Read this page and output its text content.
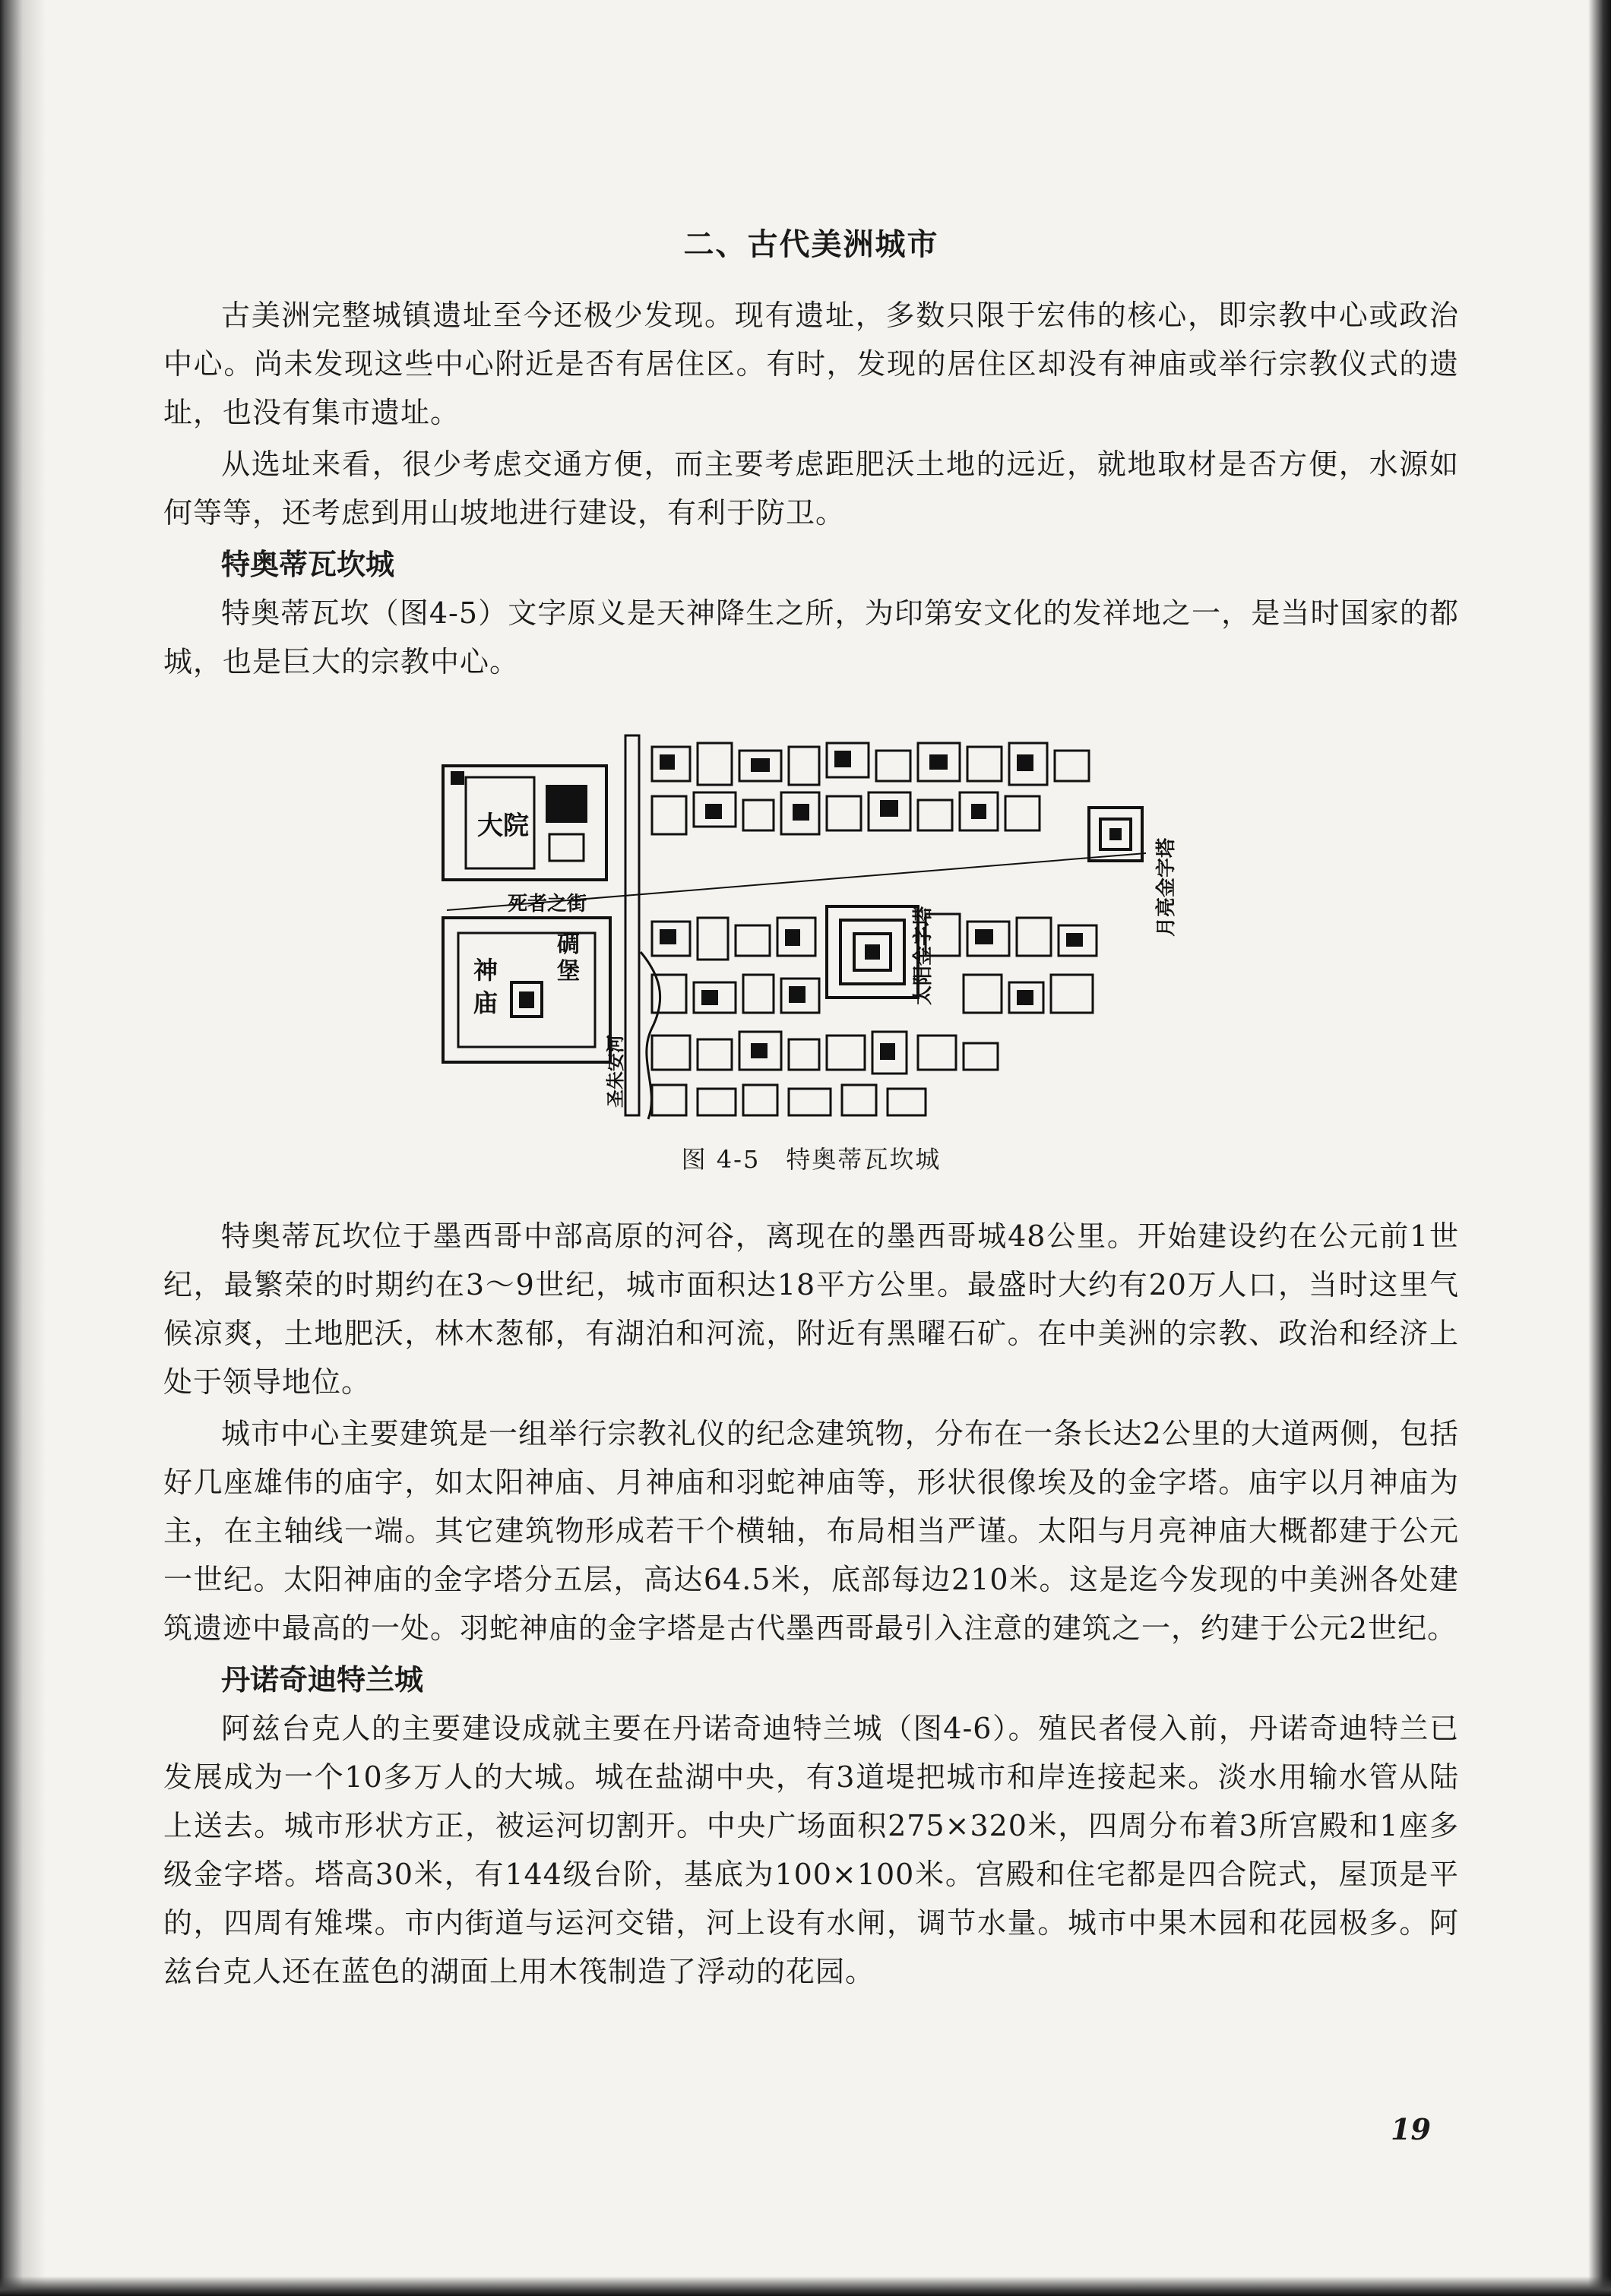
二、古代美洲城市

古美洲完整城镇遗址至今还极少发现。现有遗址，多数只限于宏伟的核心，即宗教中心或政治中心。尚未发现这些中心附近是否有居住区。有时，发现的居住区却没有神庙或举行宗教仪式的遗址，也没有集市遗址。

从选址来看，很少考虑交通方便，而主要考虑距肥沃土地的远近，就地取材是否方便，水源如何等等，还考虑到用山坡地进行建设，有利于防卫。

特奥蒂瓦坎城

特奥蒂瓦坎（图4-5）文字原义是天神降生之所，为印第安文化的发祥地之一，是当时国家的都城，也是巨大的宗教中心。

大院
死者之街
碉
堡
神
庙	太阳金字塔
月亮金字塔
圣朱安河
图 4-5　特奥蒂瓦坎城

特奥蒂瓦坎位于墨西哥中部高原的河谷，离现在的墨西哥城48公里。开始建设约在公元前1世纪，最繁荣的时期约在3～9世纪，城市面积达18平方公里。最盛时大约有20万人口，当时这里气候凉爽，土地肥沃，林木葱郁，有湖泊和河流，附近有黑曜石矿。在中美洲的宗教、政治和经济上处于领导地位。

城市中心主要建筑是一组举行宗教礼仪的纪念建筑物，分布在一条长达2公里的大道两侧，包括好几座雄伟的庙宇，如太阳神庙、月神庙和羽蛇神庙等，形状很像埃及的金字塔。庙宇以月神庙为主，在主轴线一端。其它建筑物形成若干个横轴，布局相当严谨。太阳与月亮神庙大概都建于公元一世纪。太阳神庙的金字塔分五层，高达64.5米，底部每边210米。这是迄今发现的中美洲各处建筑遗迹中最高的一处。羽蛇神庙的金字塔是古代墨西哥最引入注意的建筑之一，约建于公元2世纪。

丹诺奇迪特兰城

阿兹台克人的主要建设成就主要在丹诺奇迪特兰城（图4-6）。殖民者侵入前，丹诺奇迪特兰已发展成为一个10多万人的大城。城在盐湖中央，有3道堤把城市和岸连接起来。淡水用输水管从陆上送去。城市形状方正，被运河切割开。中央广场面积275×320米，四周分布着3所宫殿和1座多级金字塔。塔高30米，有144级台阶，基底为100×100米。宫殿和住宅都是四合院式，屋顶是平的，四周有雉堞。市内街道与运河交错，河上设有水闸，调节水量。城市中果木园和花园极多。阿兹台克人还在蓝色的湖面上用木筏制造了浮动的花园。

19
